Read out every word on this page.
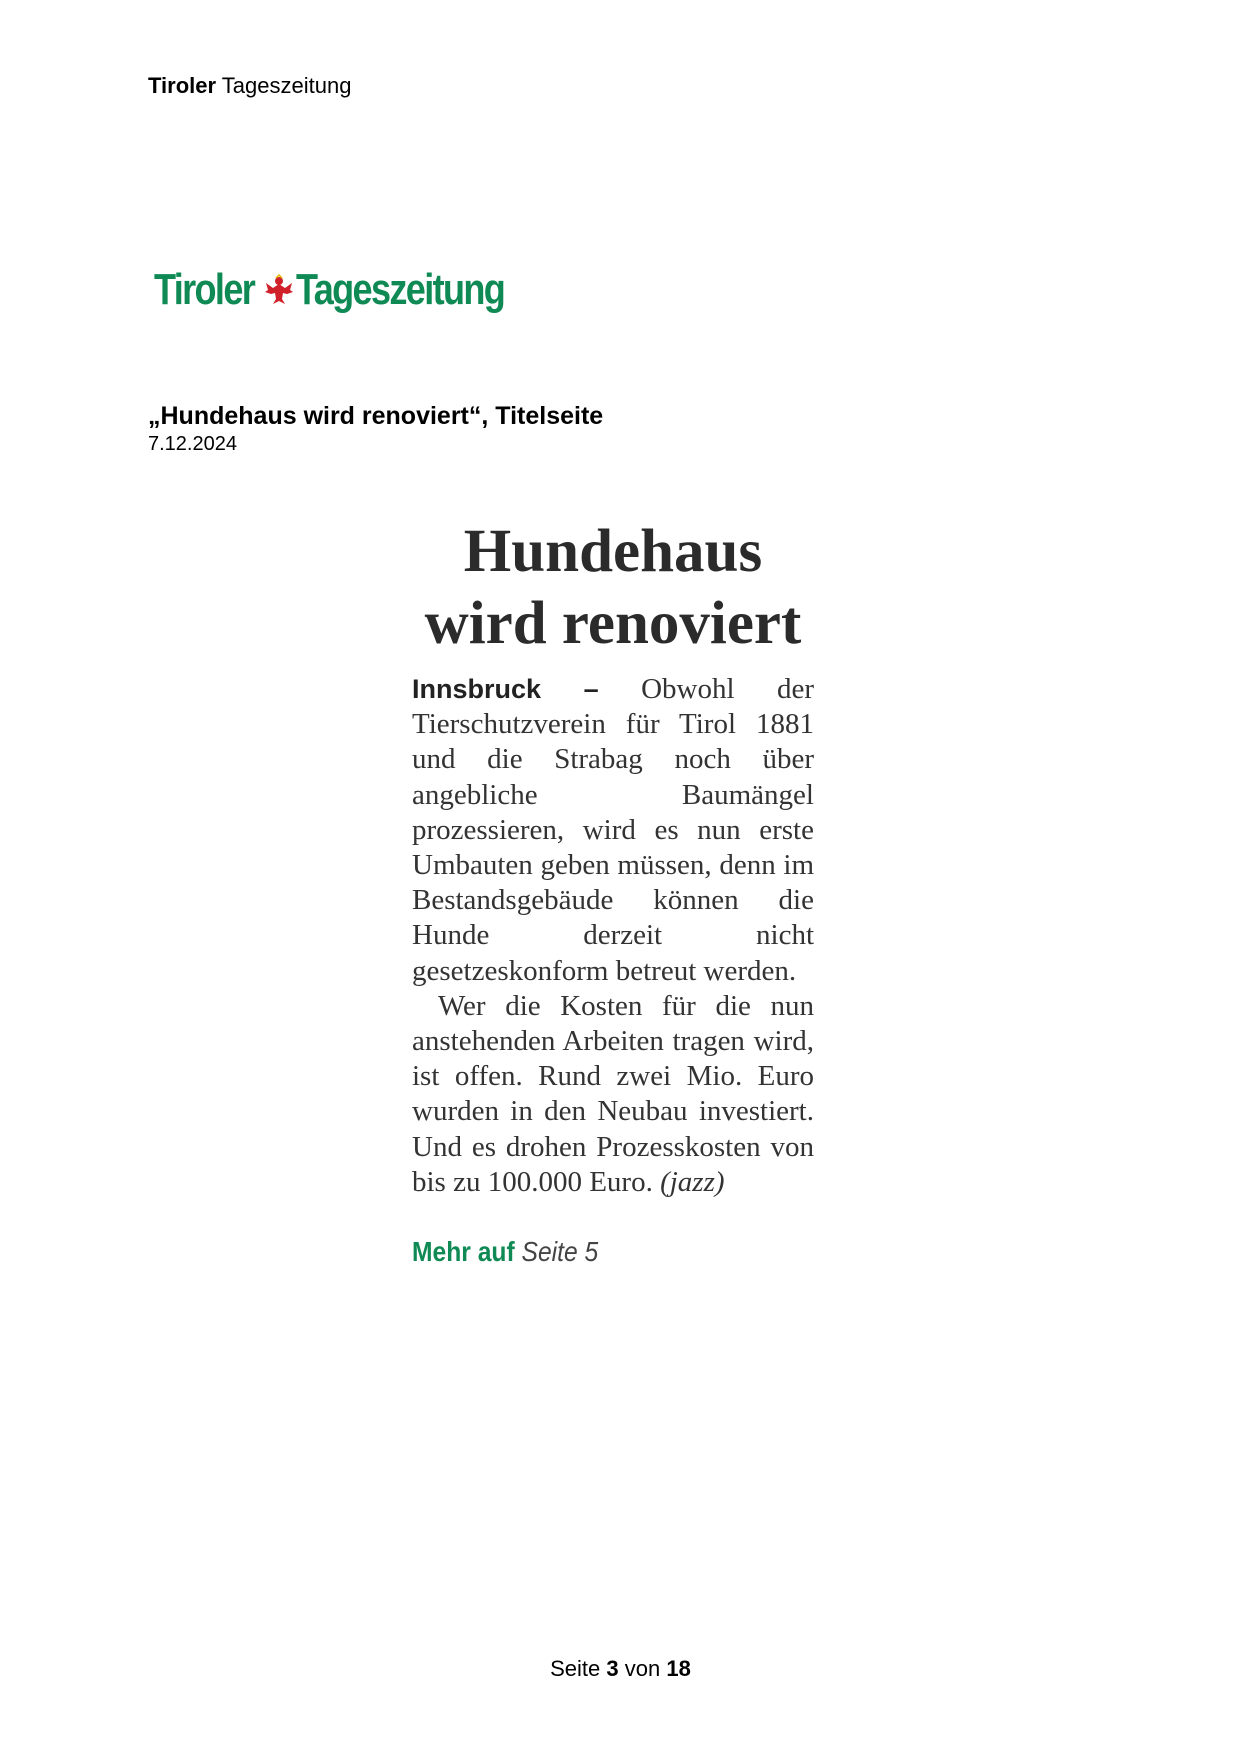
Tiroler Tageszeitung
Tiroler Tageszeitung
„Hundehaus wird renoviert“, Titelseite
7.12.2024
Hundehaus
wird renoviert

Innsbruck – Obwohl der Tierschutzverein für Tirol 1881 und die Strabag noch über angebliche Baumängel prozessieren, wird es nun erste Umbauten geben müssen, denn im Bestandsgebäude können die Hunde derzeit nicht gesetzeskonform betreut werden.

Wer die Kosten für die nun anstehenden Arbeiten tragen wird, ist offen. Rund zwei Mio. Euro wurden in den Neubau investiert. Und es drohen Prozesskosten von bis zu 100.000 Euro. (jazz)

Mehr auf Seite 5
Seite 3 von 18
